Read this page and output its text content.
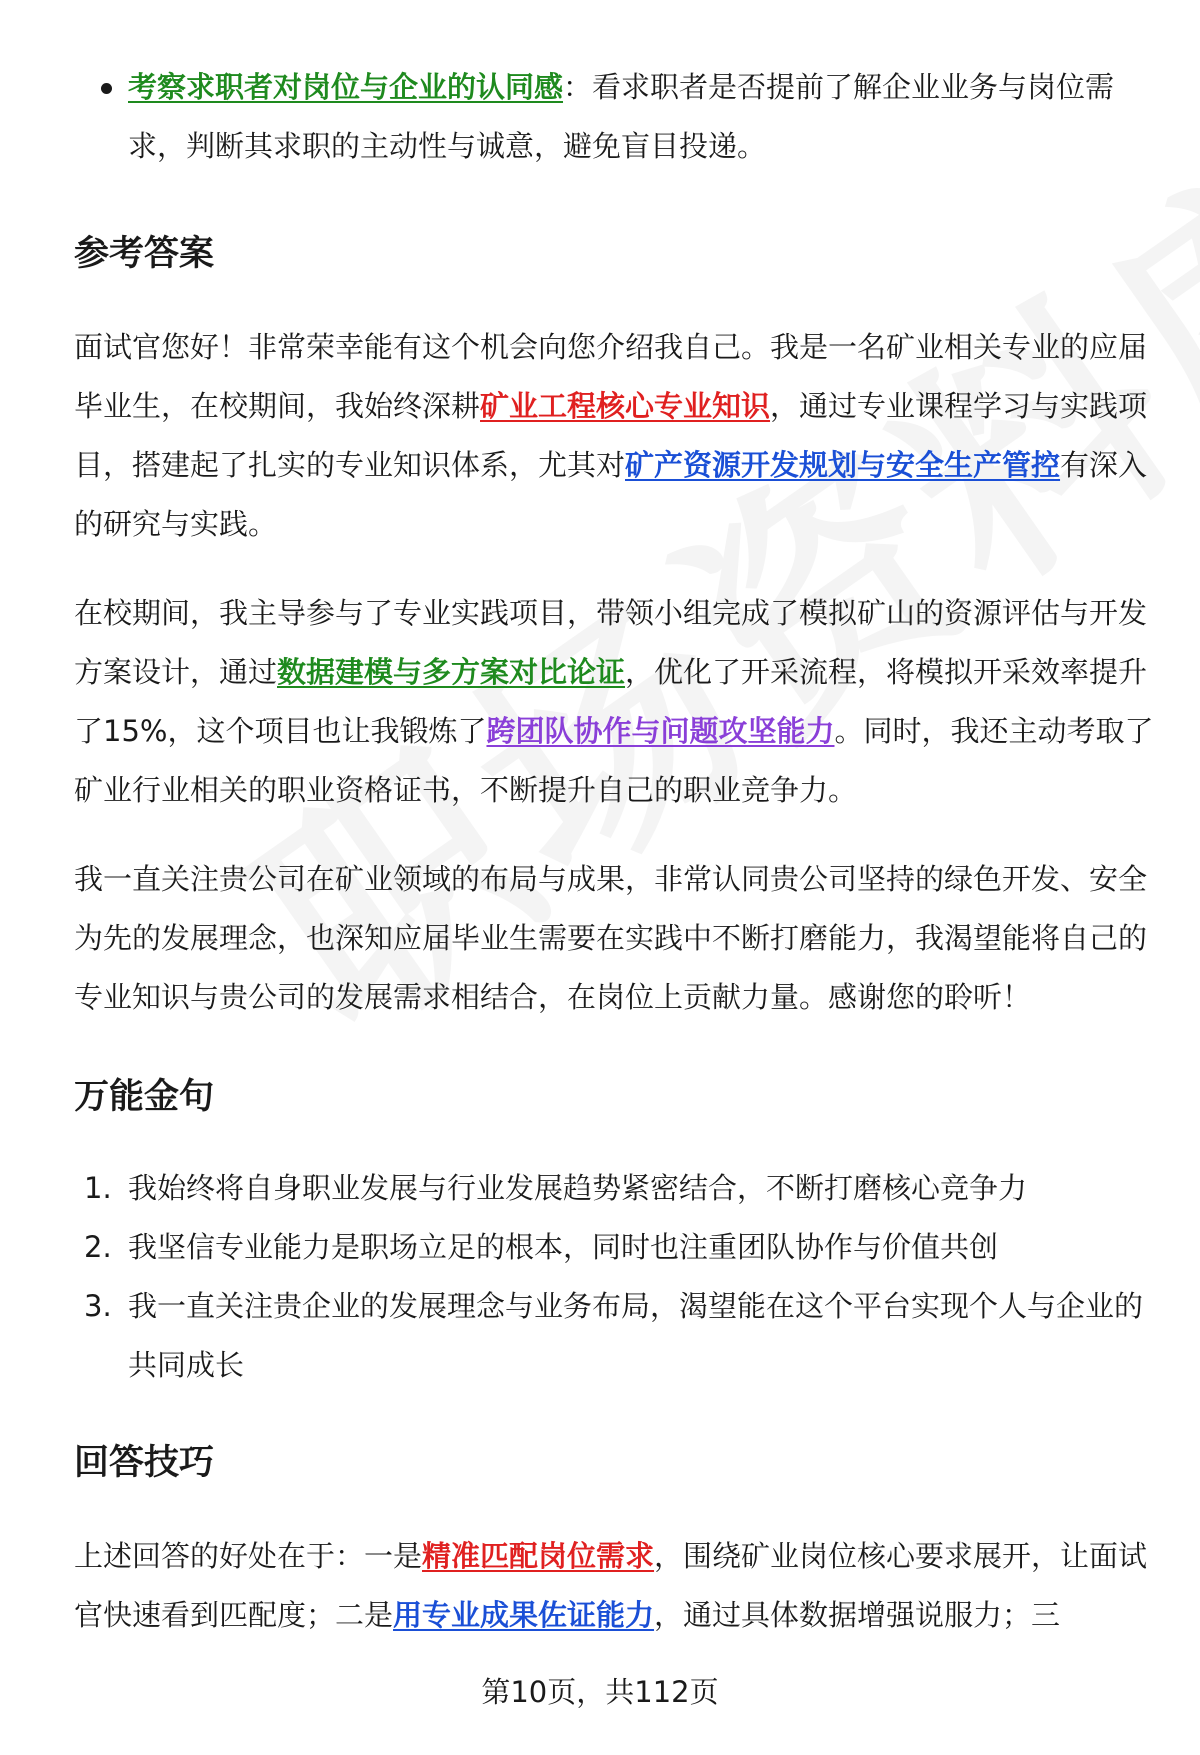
考察求职者对岗位与企业的认同感：看求职者是否提前了解企业业务与岗位需求，判断其求职的主动性与诚意，避免盲目投递。
参考答案

面试官您好！非常荣幸能有这个机会向您介绍我自己。我是一名矿业相关专业的应届毕业生，在校期间，我始终深耕矿业工程核心专业知识，通过专业课程学习与实践项目，搭建起了扎实的专业知识体系，尤其对矿产资源开发规划与安全生产管控有深入的研究与实践。

在校期间，我主导参与了专业实践项目，带领小组完成了模拟矿山的资源评估与开发方案设计，通过数据建模与多方案对比论证，优化了开采流程，将模拟开采效率提升了15%，这个项目也让我锻炼了跨团队协作与问题攻坚能力。同时，我还主动考取了矿业行业相关的职业资格证书，不断提升自己的职业竞争力。

我一直关注贵公司在矿业领域的布局与成果，非常认同贵公司坚持的绿色开发、安全为先的发展理念，也深知应届毕业生需要在实践中不断打磨能力，我渴望能将自己的专业知识与贵公司的发展需求相结合，在岗位上贡献力量。感谢您的聆听！

万能金句
1. 我始终将自身职业发展与行业发展趋势紧密结合，不断打磨核心竞争力
2. 我坚信专业能力是职场立足的根本，同时也注重团队协作与价值共创
3. 我一直关注贵企业的发展理念与业务布局，渴望能在这个平台实现个人与企业的共同成长
回答技巧

上述回答的好处在于：一是精准匹配岗位需求，围绕矿业岗位核心要求展开，让面试官快速看到匹配度；二是用专业成果佐证能力，通过具体数据增强说服力；三

第10页，共112页
